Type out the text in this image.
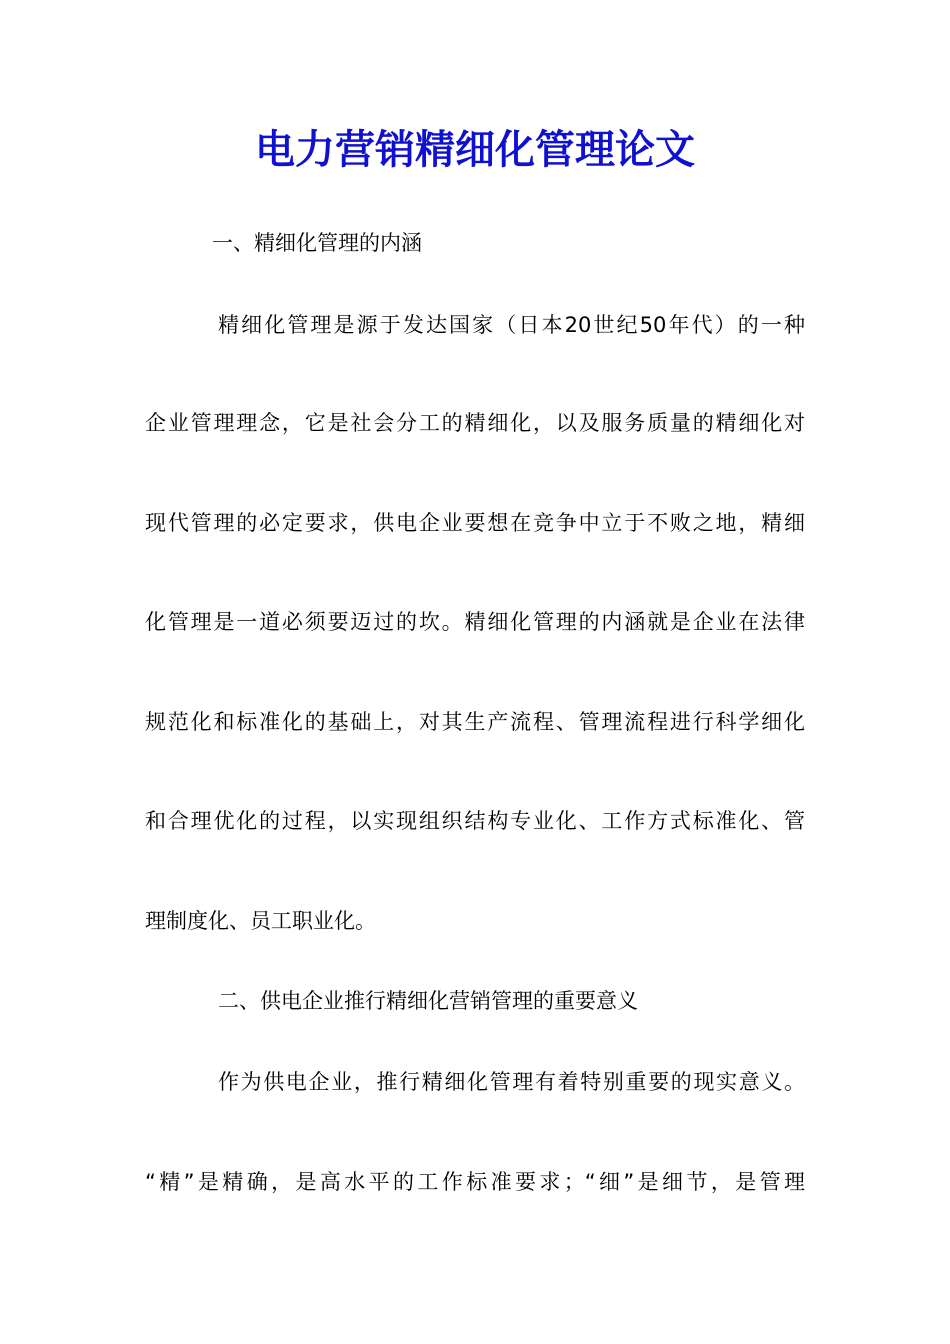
电力营销精细化管理论文
一、精细化管理的内涵
精细化管理是源于发达国家（日本20世纪50年代）的一种
企业管理理念，它是社会分工的精细化，以及服务质量的精细化对
现代管理的必定要求，供电企业要想在竞争中立于不败之地，精细
化管理是一道必须要迈过的坎。精细化管理的内涵就是企业在法律
规范化和标准化的基础上，对其生产流程、管理流程进行科学细化
和合理优化的过程，以实现组织结构专业化、工作方式标准化、管
理制度化、员工职业化。
二、供电企业推行精细化营销管理的重要意义
作为供电企业，推行精细化管理有着特别重要的现实意义。
“精”是精确，是高水平的工作标准要求；“细”是细节，是管理
